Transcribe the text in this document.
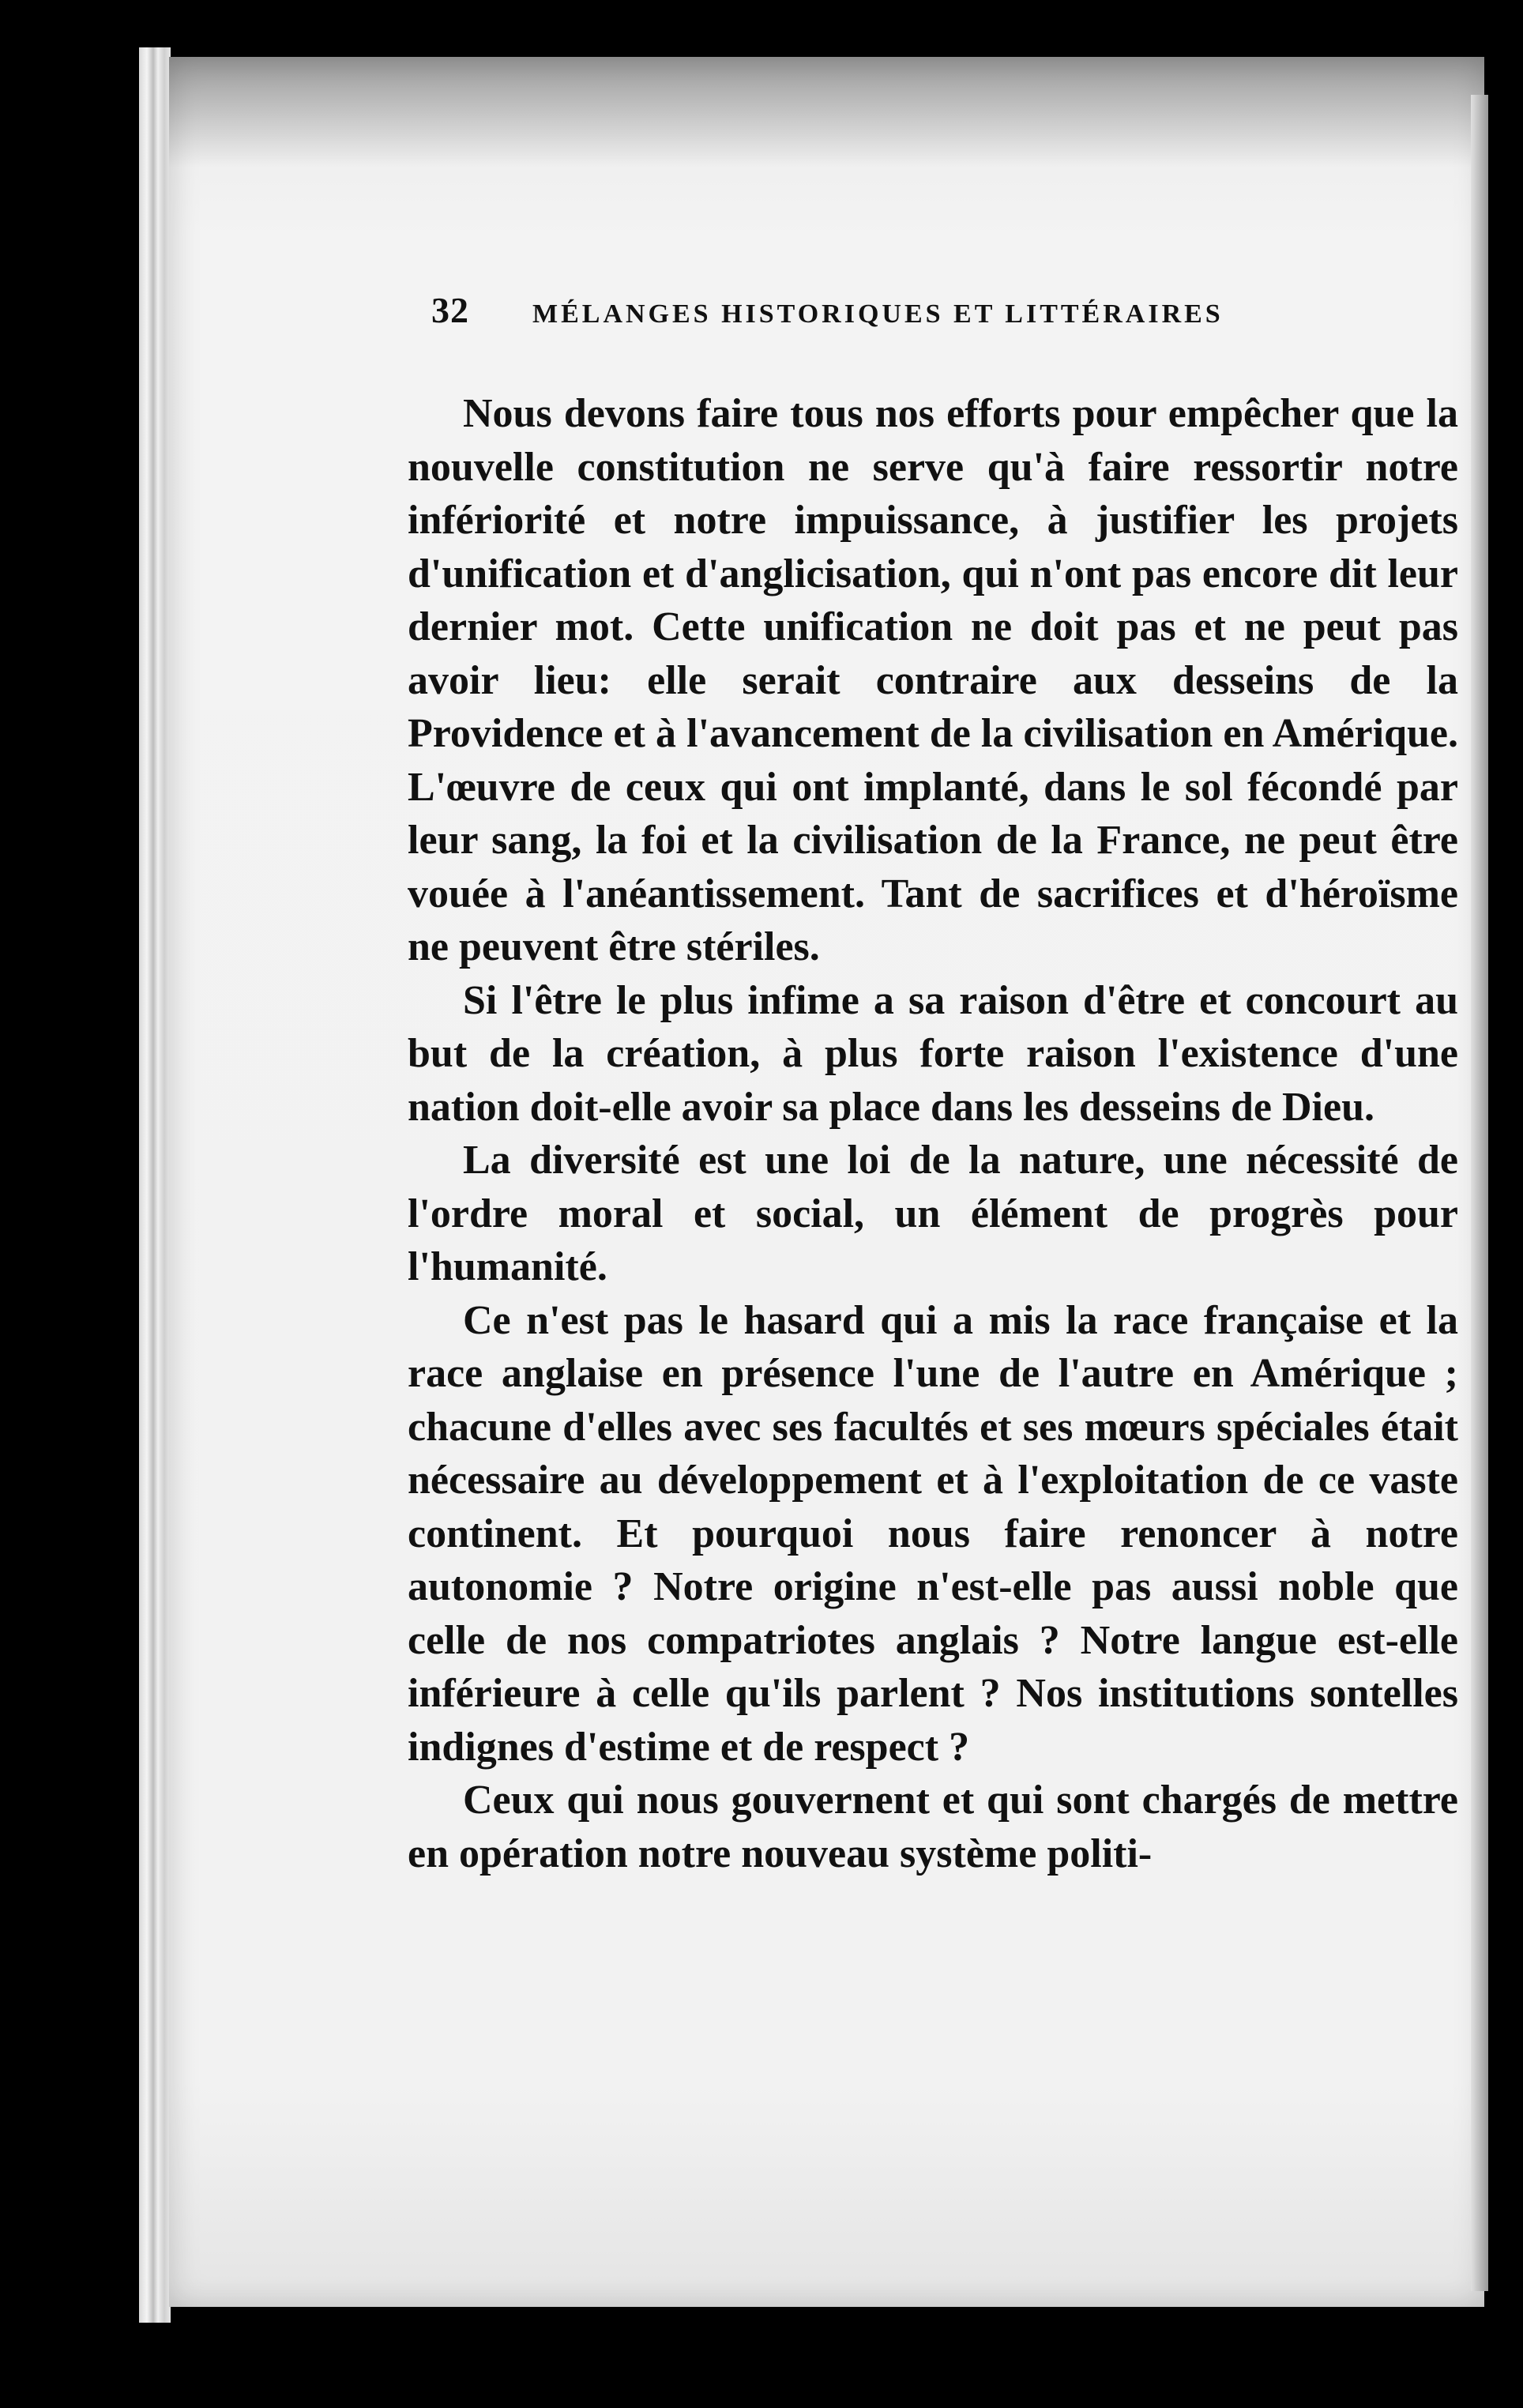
32 MÉLANGES HISTORIQUES ET LITTÉRAIRES

Nous devons faire tous nos efforts pour empêcher que la nouvelle constitution ne serve qu'à faire ressortir notre infériorité et notre impuissance, à justifier les projets d'unification et d'anglicisation, qui n'ont pas encore dit leur dernier mot. Cette unification ne doit pas et ne peut pas avoir lieu: elle serait contraire aux desseins de la Providence et à l'avancement de la civilisation en Amérique. L'œuvre de ceux qui ont implanté, dans le sol fécondé par leur sang, la foi et la civilisation de la France, ne peut être vouée à l'anéantissement. Tant de sacrifices et d'héroïsme ne peuvent être stériles.

Si l'être le plus infime a sa raison d'être et concourt au but de la création, à plus forte raison l'existence d'une nation doit-elle avoir sa place dans les desseins de Dieu.

La diversité est une loi de la nature, une nécessité de l'ordre moral et social, un élément de progrès pour l'humanité.

Ce n'est pas le hasard qui a mis la race française et la race anglaise en présence l'une de l'autre en Amérique ; chacune d'elles avec ses facultés et ses mœurs spéciales était nécessaire au développement et à l'exploitation de ce vaste continent. Et pourquoi nous faire renoncer à notre autonomie ? Notre origine n'est-elle pas aussi noble que celle de nos compatriotes anglais ? Notre langue est-elle inférieure à celle qu'ils parlent ? Nos institutions sontelles indignes d'estime et de respect ?

Ceux qui nous gouvernent et qui sont chargés de mettre en opération notre nouveau système politi-
